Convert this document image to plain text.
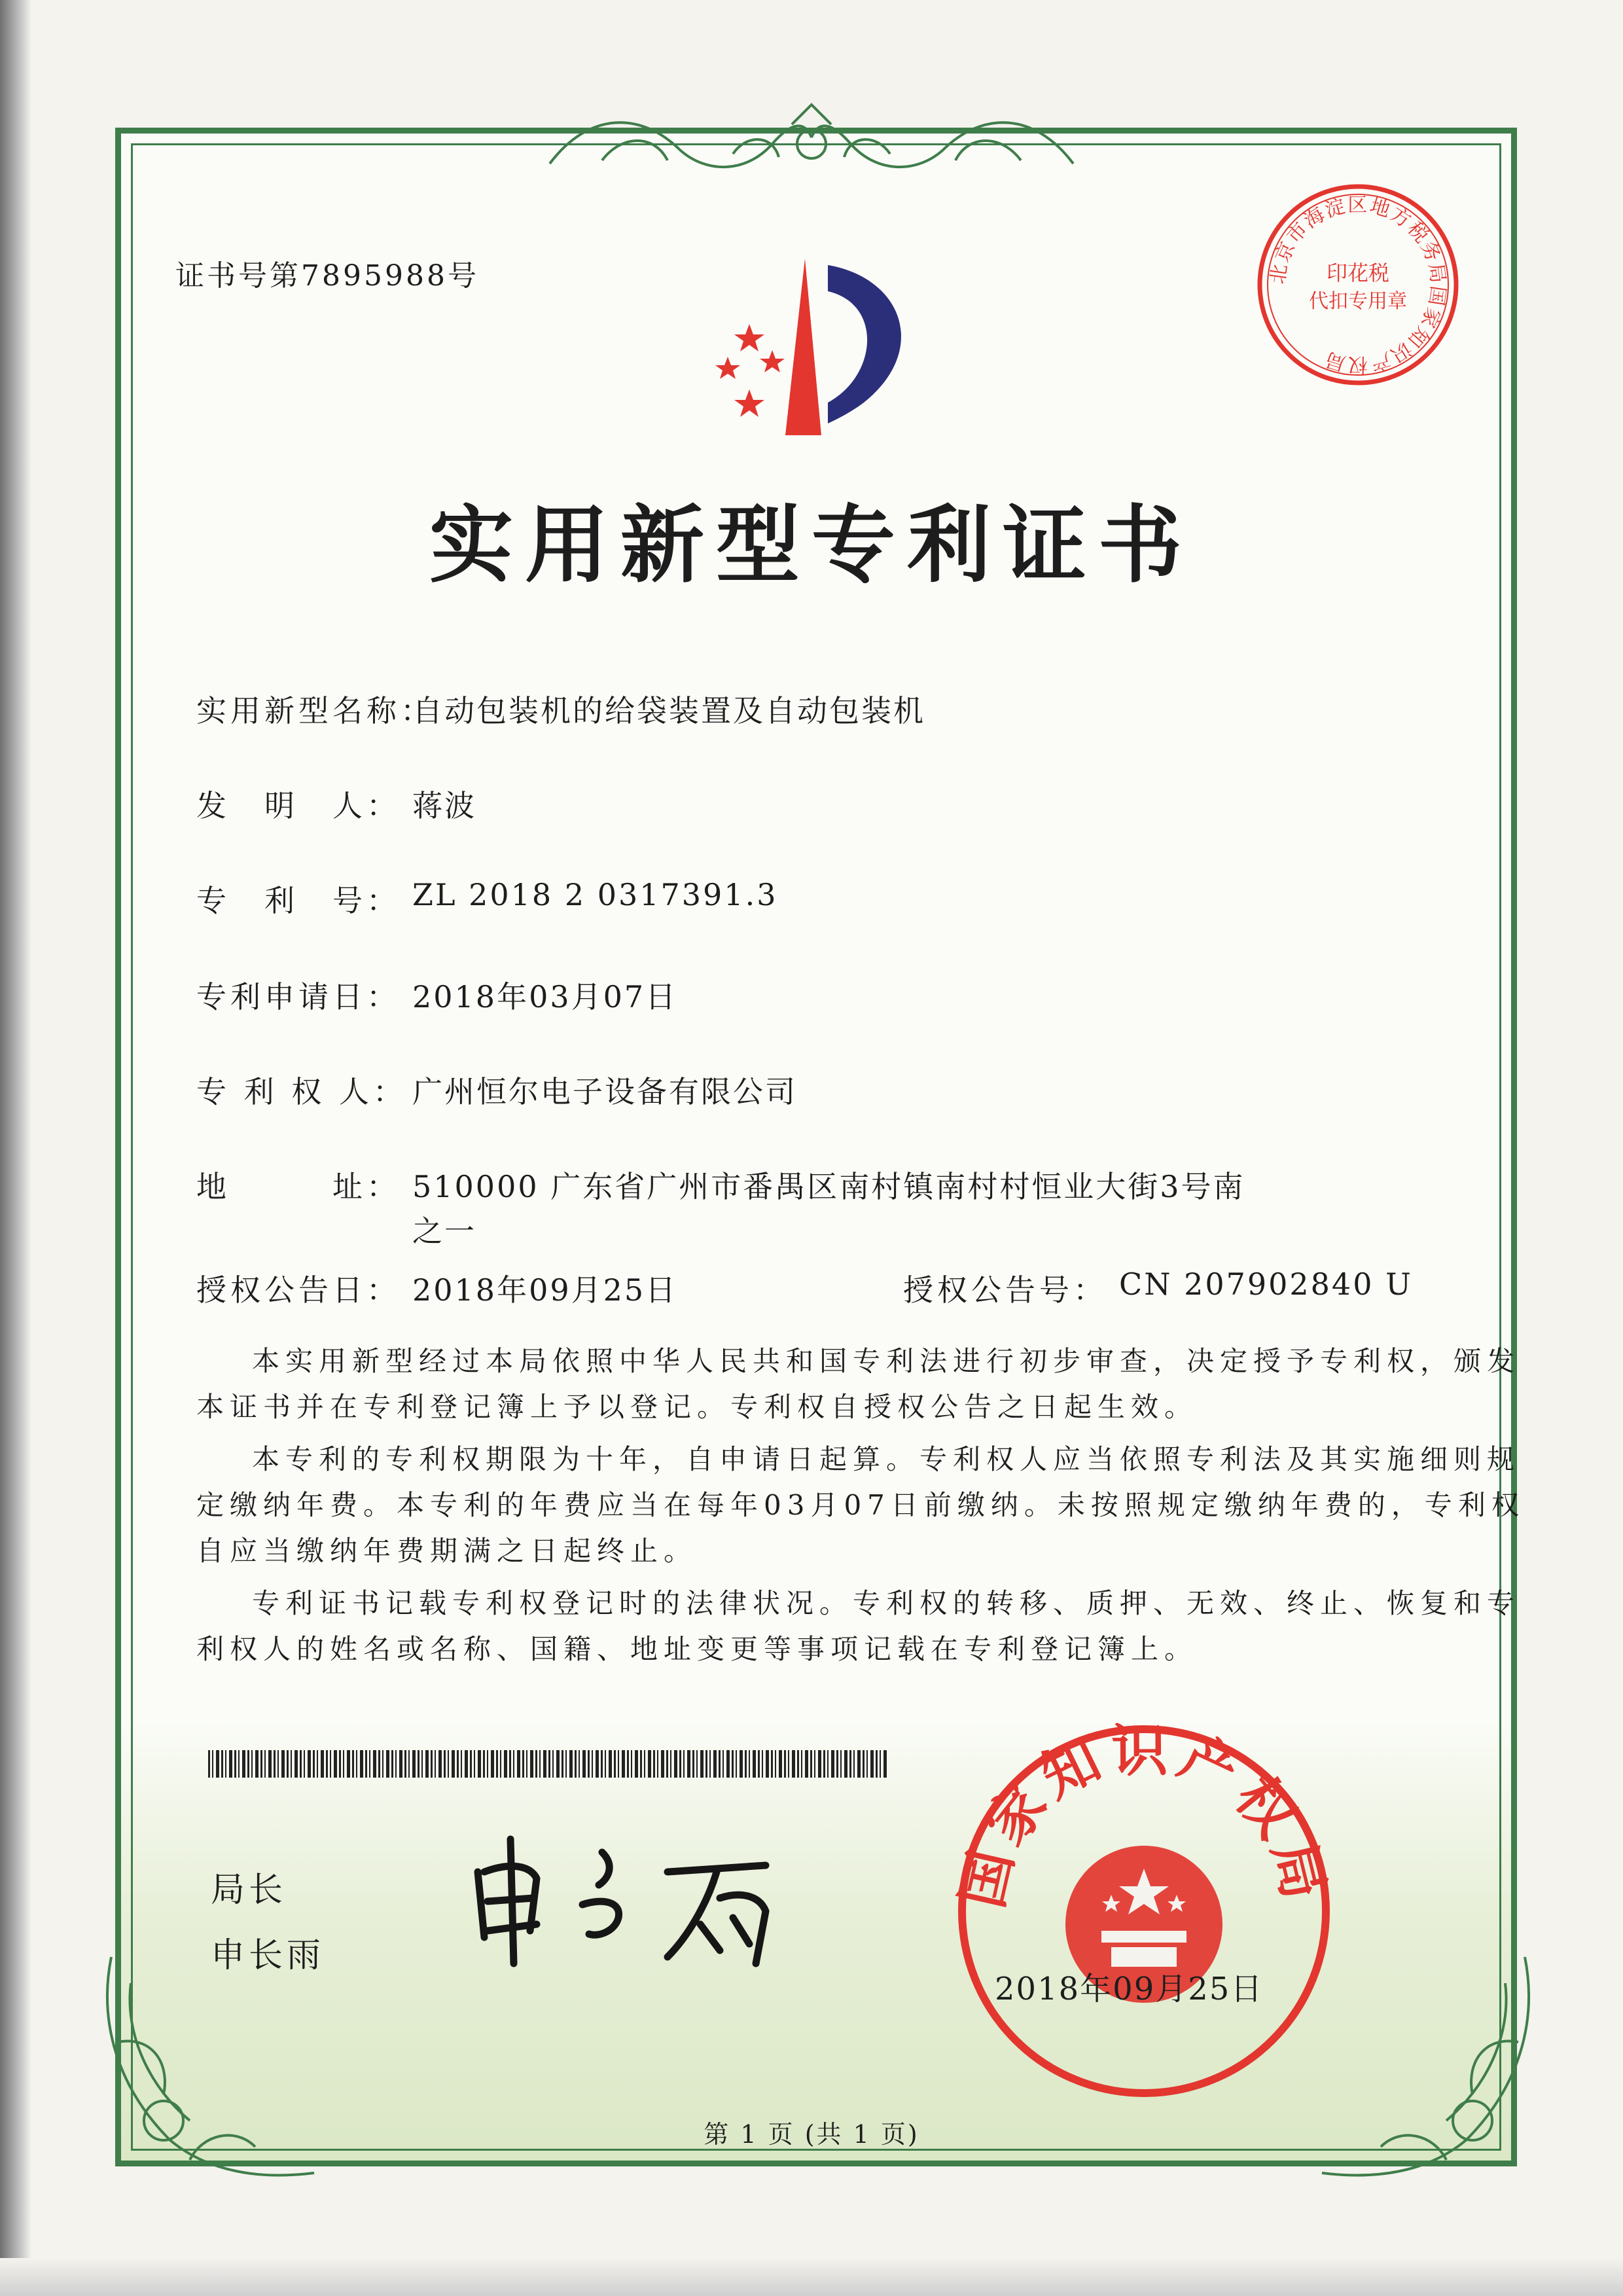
证书号第7895988号	北京市海淀区地方税务局国家知识产权局
印花税
代扣专用章
实用新型专利证书
实用新型名称：
自动包装机的给袋装置及自动包装机
发　明　人： 蒋波
专　利　号： ZL 2018 2 0317391.3
专利申请日： 2018年03月07日
专 利 权 人： 广州恒尔电子设备有限公司
地　　　址： 510000 广东省广州市番禺区南村镇南村村恒业大街3号南
之一
授权公告日： 2018年09月25日	授权公告号： CN 207902840 U
本实用新型经过本局依照中华人民共和国专利法进行初步审查，决定授予专利权，颁发
本证书并在专利登记簿上予以登记。专利权自授权公告之日起生效。
本专利的专利权期限为十年，自申请日起算。专利权人应当依照专利法及其实施细则规
定缴纳年费。本专利的年费应当在每年03月07日前缴纳。未按照规定缴纳年费的，专利权
自应当缴纳年费期满之日起终止。
专利证书记载专利权登记时的法律状况。专利权的转移、质押、无效、终止、恢复和专
利权人的姓名或名称、国籍、地址变更等事项记载在专利登记簿上。
局长
申长雨
国家知识产权局
2018年09月25日
第 1 页 (共 1 页)
